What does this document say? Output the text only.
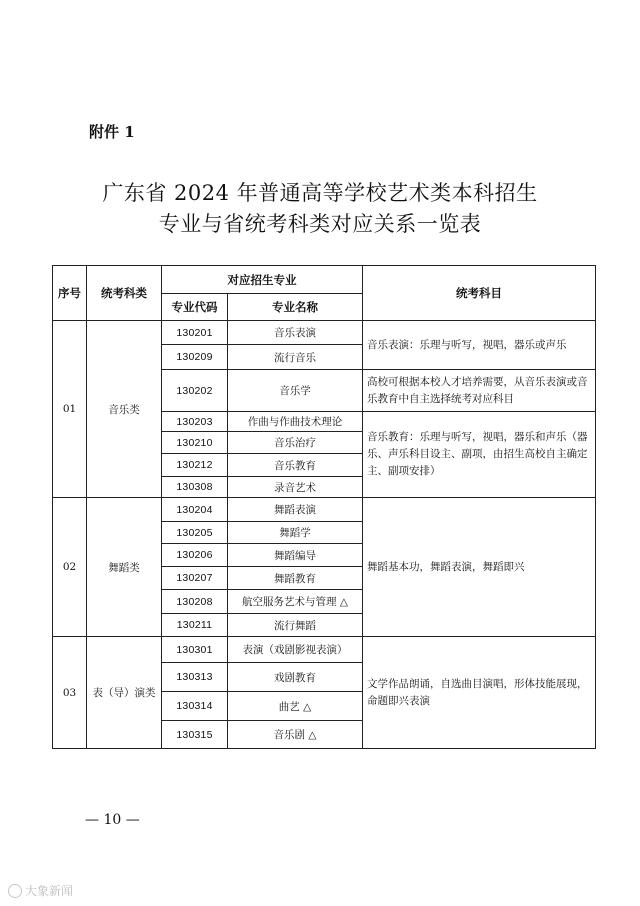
附件 1
广东省 2024 年普通高等学校艺术类本科招生
专业与省统考科类对应关系一览表
序号	统考科类	对应招生专业		统考科目
		专业代码	专业名称	
01	音乐类	130201	音乐表演	音乐表演：乐理与听写，视唱，器乐或声乐
		130209	流行音乐	
		130202	音乐学	高校可根据本校人才培养需要，从音乐表演或音乐教育中自主选择统考对应科目
		130203	作曲与作曲技术理论	音乐教育：乐理与听写，视唱，器乐和声乐（器乐、声乐科目设主、副项，由招生高校自主确定主、副项安排）
		130210	音乐治疗	
		130212	音乐教育	
		130308	录音艺术	
02	舞蹈类	130204	舞蹈表演	舞蹈基本功，舞蹈表演，舞蹈即兴
		130205	舞蹈学	
		130206	舞蹈编导	
		130207	舞蹈教育	
		130208	航空服务艺术与管理 △	
		130211	流行舞蹈	
03	表（导）演类	130301	表演（戏剧影视表演）	文学作品朗诵，自选曲目演唱，形体技能展现，命题即兴表演
		130313	戏剧教育	
		130314	曲艺 △	
		130315	音乐剧 △	
— 10 —
大象新闻
